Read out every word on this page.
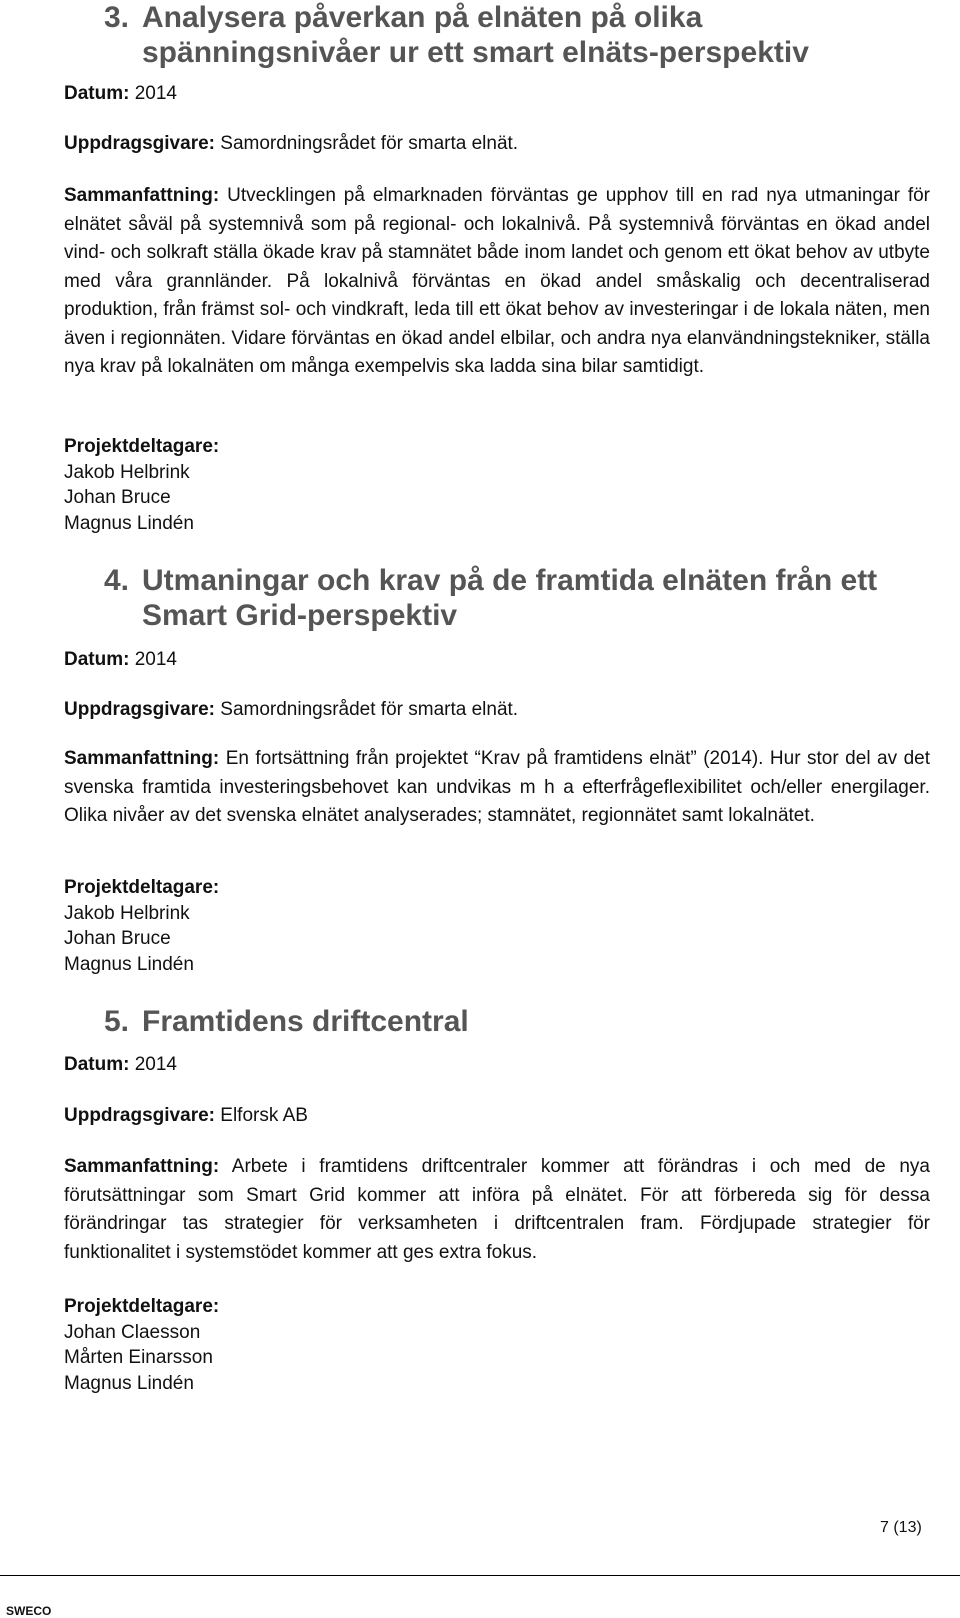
3. Analysera påverkan på elnäten på olika spänningsnivåer ur ett smart elnäts-perspektiv
Datum: 2014
Uppdragsgivare: Samordningsrådet för smarta elnät.
Sammanfattning: Utvecklingen på elmarknaden förväntas ge upphov till en rad nya utmaningar för elnätet såväl på systemnivå som på regional- och lokalnivå. På systemnivå förväntas en ökad andel vind- och solkraft ställa ökade krav på stamnätet både inom landet och genom ett ökat behov av utbyte med våra grannländer. På lokalnivå förväntas en ökad andel småskalig och decentraliserad produktion, från främst sol- och vindkraft, leda till ett ökat behov av investeringar i de lokala näten, men även i regionnäten. Vidare förväntas en ökad andel elbilar, och andra nya elanvändningstekniker, ställa nya krav på lokalnäten om många exempelvis ska ladda sina bilar samtidigt.
Projektdeltagare:
Jakob Helbrink
Johan Bruce
Magnus Lindén
4. Utmaningar och krav på de framtida elnäten från ett Smart Grid-perspektiv
Datum: 2014
Uppdragsgivare: Samordningsrådet för smarta elnät.
Sammanfattning: En fortsättning från projektet “Krav på framtidens elnät” (2014). Hur stor del av det svenska framtida investeringsbehovet kan undvikas m h a efterfrågeflexibilitet och/eller energilager. Olika nivåer av det svenska elnätet analyserades; stamnätet, regionnätet samt lokalnätet.
Projektdeltagare:
Jakob Helbrink
Johan Bruce
Magnus Lindén
5. Framtidens driftcentral
Datum: 2014
Uppdragsgivare: Elforsk AB
Sammanfattning: Arbete i framtidens driftcentraler kommer att förändras i och med de nya förutsättningar som Smart Grid kommer att införa på elnätet. För att förbereda sig för dessa förändringar tas strategier för verksamheten i driftcentralen fram. Fördjupade strategier för funktionalitet i systemstödet kommer att ges extra fokus.
Projektdeltagare:
Johan Claesson
Mårten Einarsson
Magnus Lindén
7 (13)
SWECO
